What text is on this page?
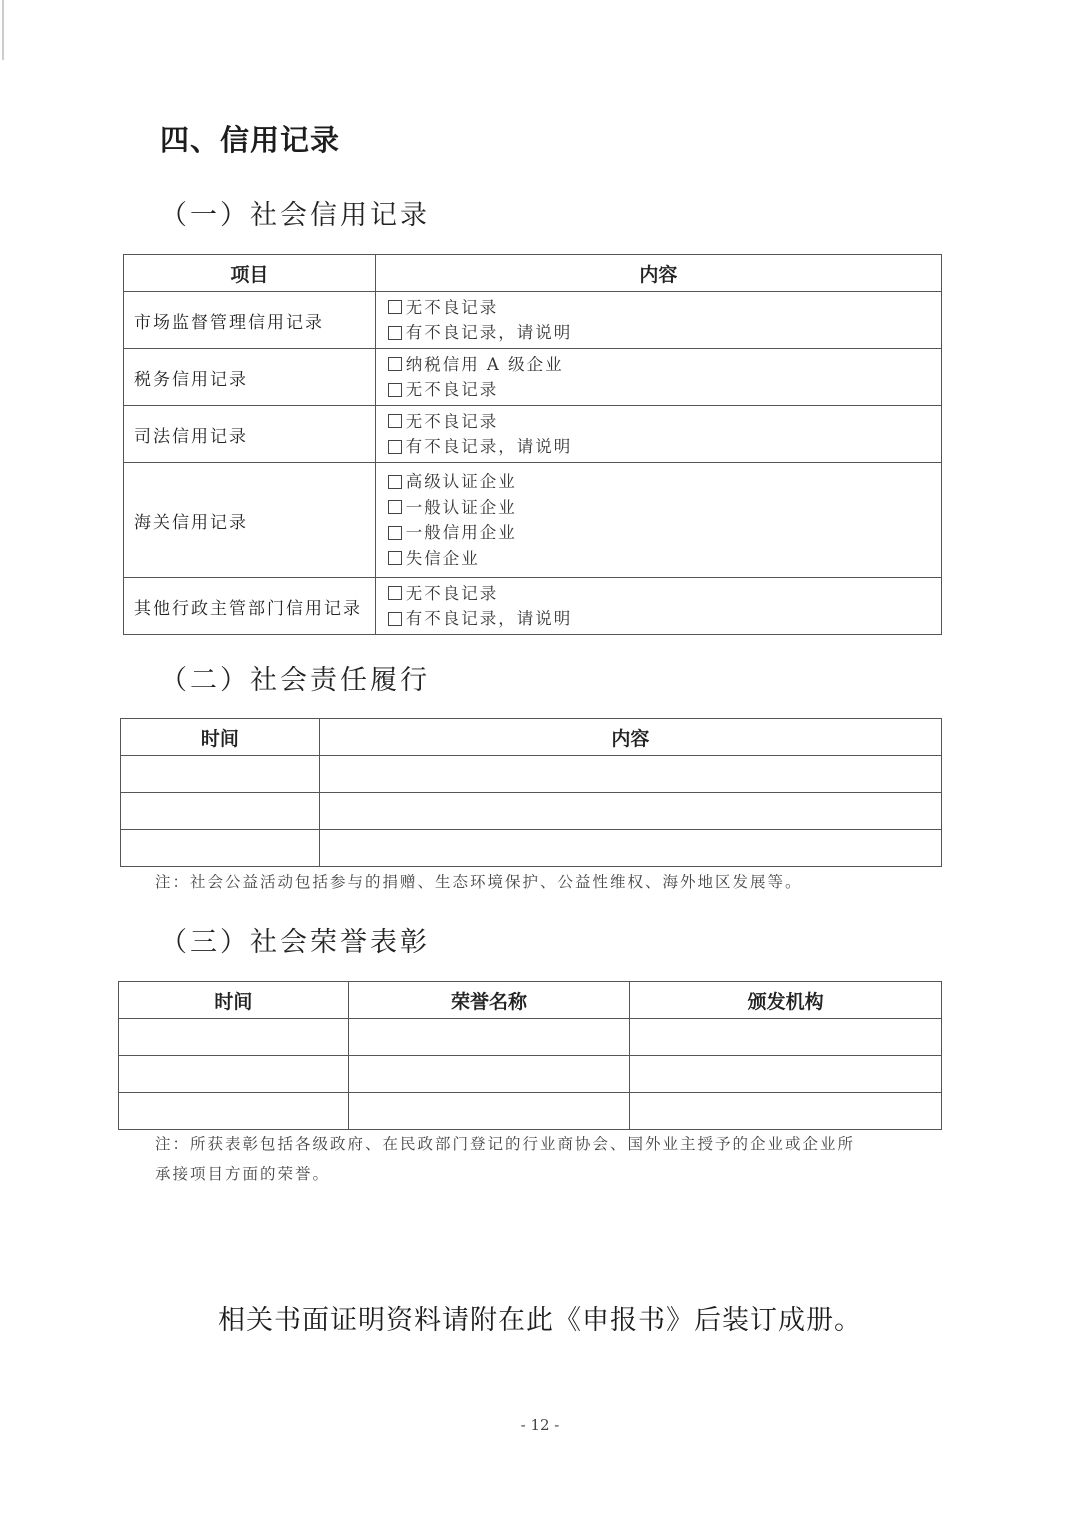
四、信用记录
（一）社会信用记录
项目	内容
市场监督管理信用记录	无不良记录
有不良记录，请说明

税务信用记录	纳税信用 A 级企业
无不良记录

司法信用记录	无不良记录
有不良记录，请说明

海关信用记录	高级认证企业
一般认证企业
一般信用企业
失信企业

其他行政主管部门信用记录	无不良记录
有不良记录，请说明
（二）社会责任履行
时间	内容

注：社会公益活动包括参与的捐赠、生态环境保护、公益性维权、海外地区发展等。
（三）社会荣誉表彰
时间	荣誉名称	颁发机构

注：所获表彰包括各级政府、在民政部门登记的行业商协会、国外业主授予的企业或企业所
承接项目方面的荣誉。
相关书面证明资料请附在此《申报书》后装订成册。
- 12 -
